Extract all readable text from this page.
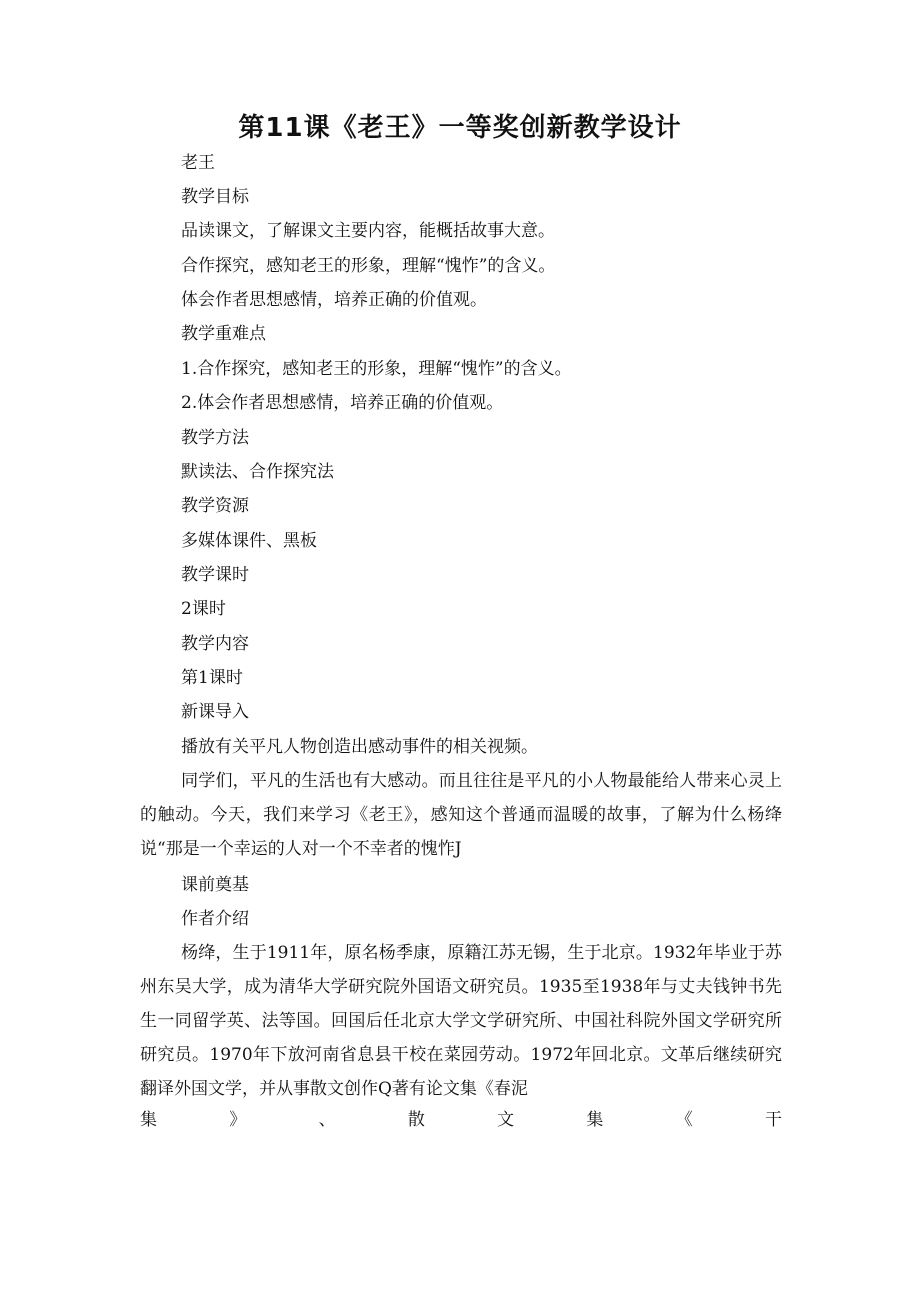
第11课《老王》一等奖创新教学设计

老王

教学目标

品读课文，了解课文主要内容，能概括故事大意。

合作探究，感知老王的形象，理解“愧怍”的含义。

体会作者思想感情，培养正确的价值观。

教学重难点

1.合作探究，感知老王的形象，理解“愧怍”的含义。

2.体会作者思想感情，培养正确的价值观。

教学方法

默读法、合作探究法

教学资源

多媒体课件、黑板

教学课时

2课时

教学内容

第1课时

新课导入

播放有关平凡人物创造出感动事件的相关视频。

同学们，平凡的生活也有大感动。而且往往是平凡的小人物最能给人带来心灵上的触动。今天，我们来学习《老王》，感知这个普通而温暖的故事，了解为什么杨绛说“那是一个幸运的人对一个不幸者的愧怍J

课前奠基

作者介绍

杨绛，生于1911年，原名杨季康，原籍江苏无锡，生于北京。1932年毕业于苏州东吴大学，成为清华大学研究院外国语文研究员。1935至1938年与丈夫钱钟书先生一同留学英、法等国。回国后任北京大学文学研究所、中国社科院外国文学研究所研究员。1970年下放河南省息县干校在菜园劳动。1972年回北京。文革后继续研究翻译外国文学，并从事散文创作Q著有论文集《春泥

集	》	、	散	文	集	《	干
